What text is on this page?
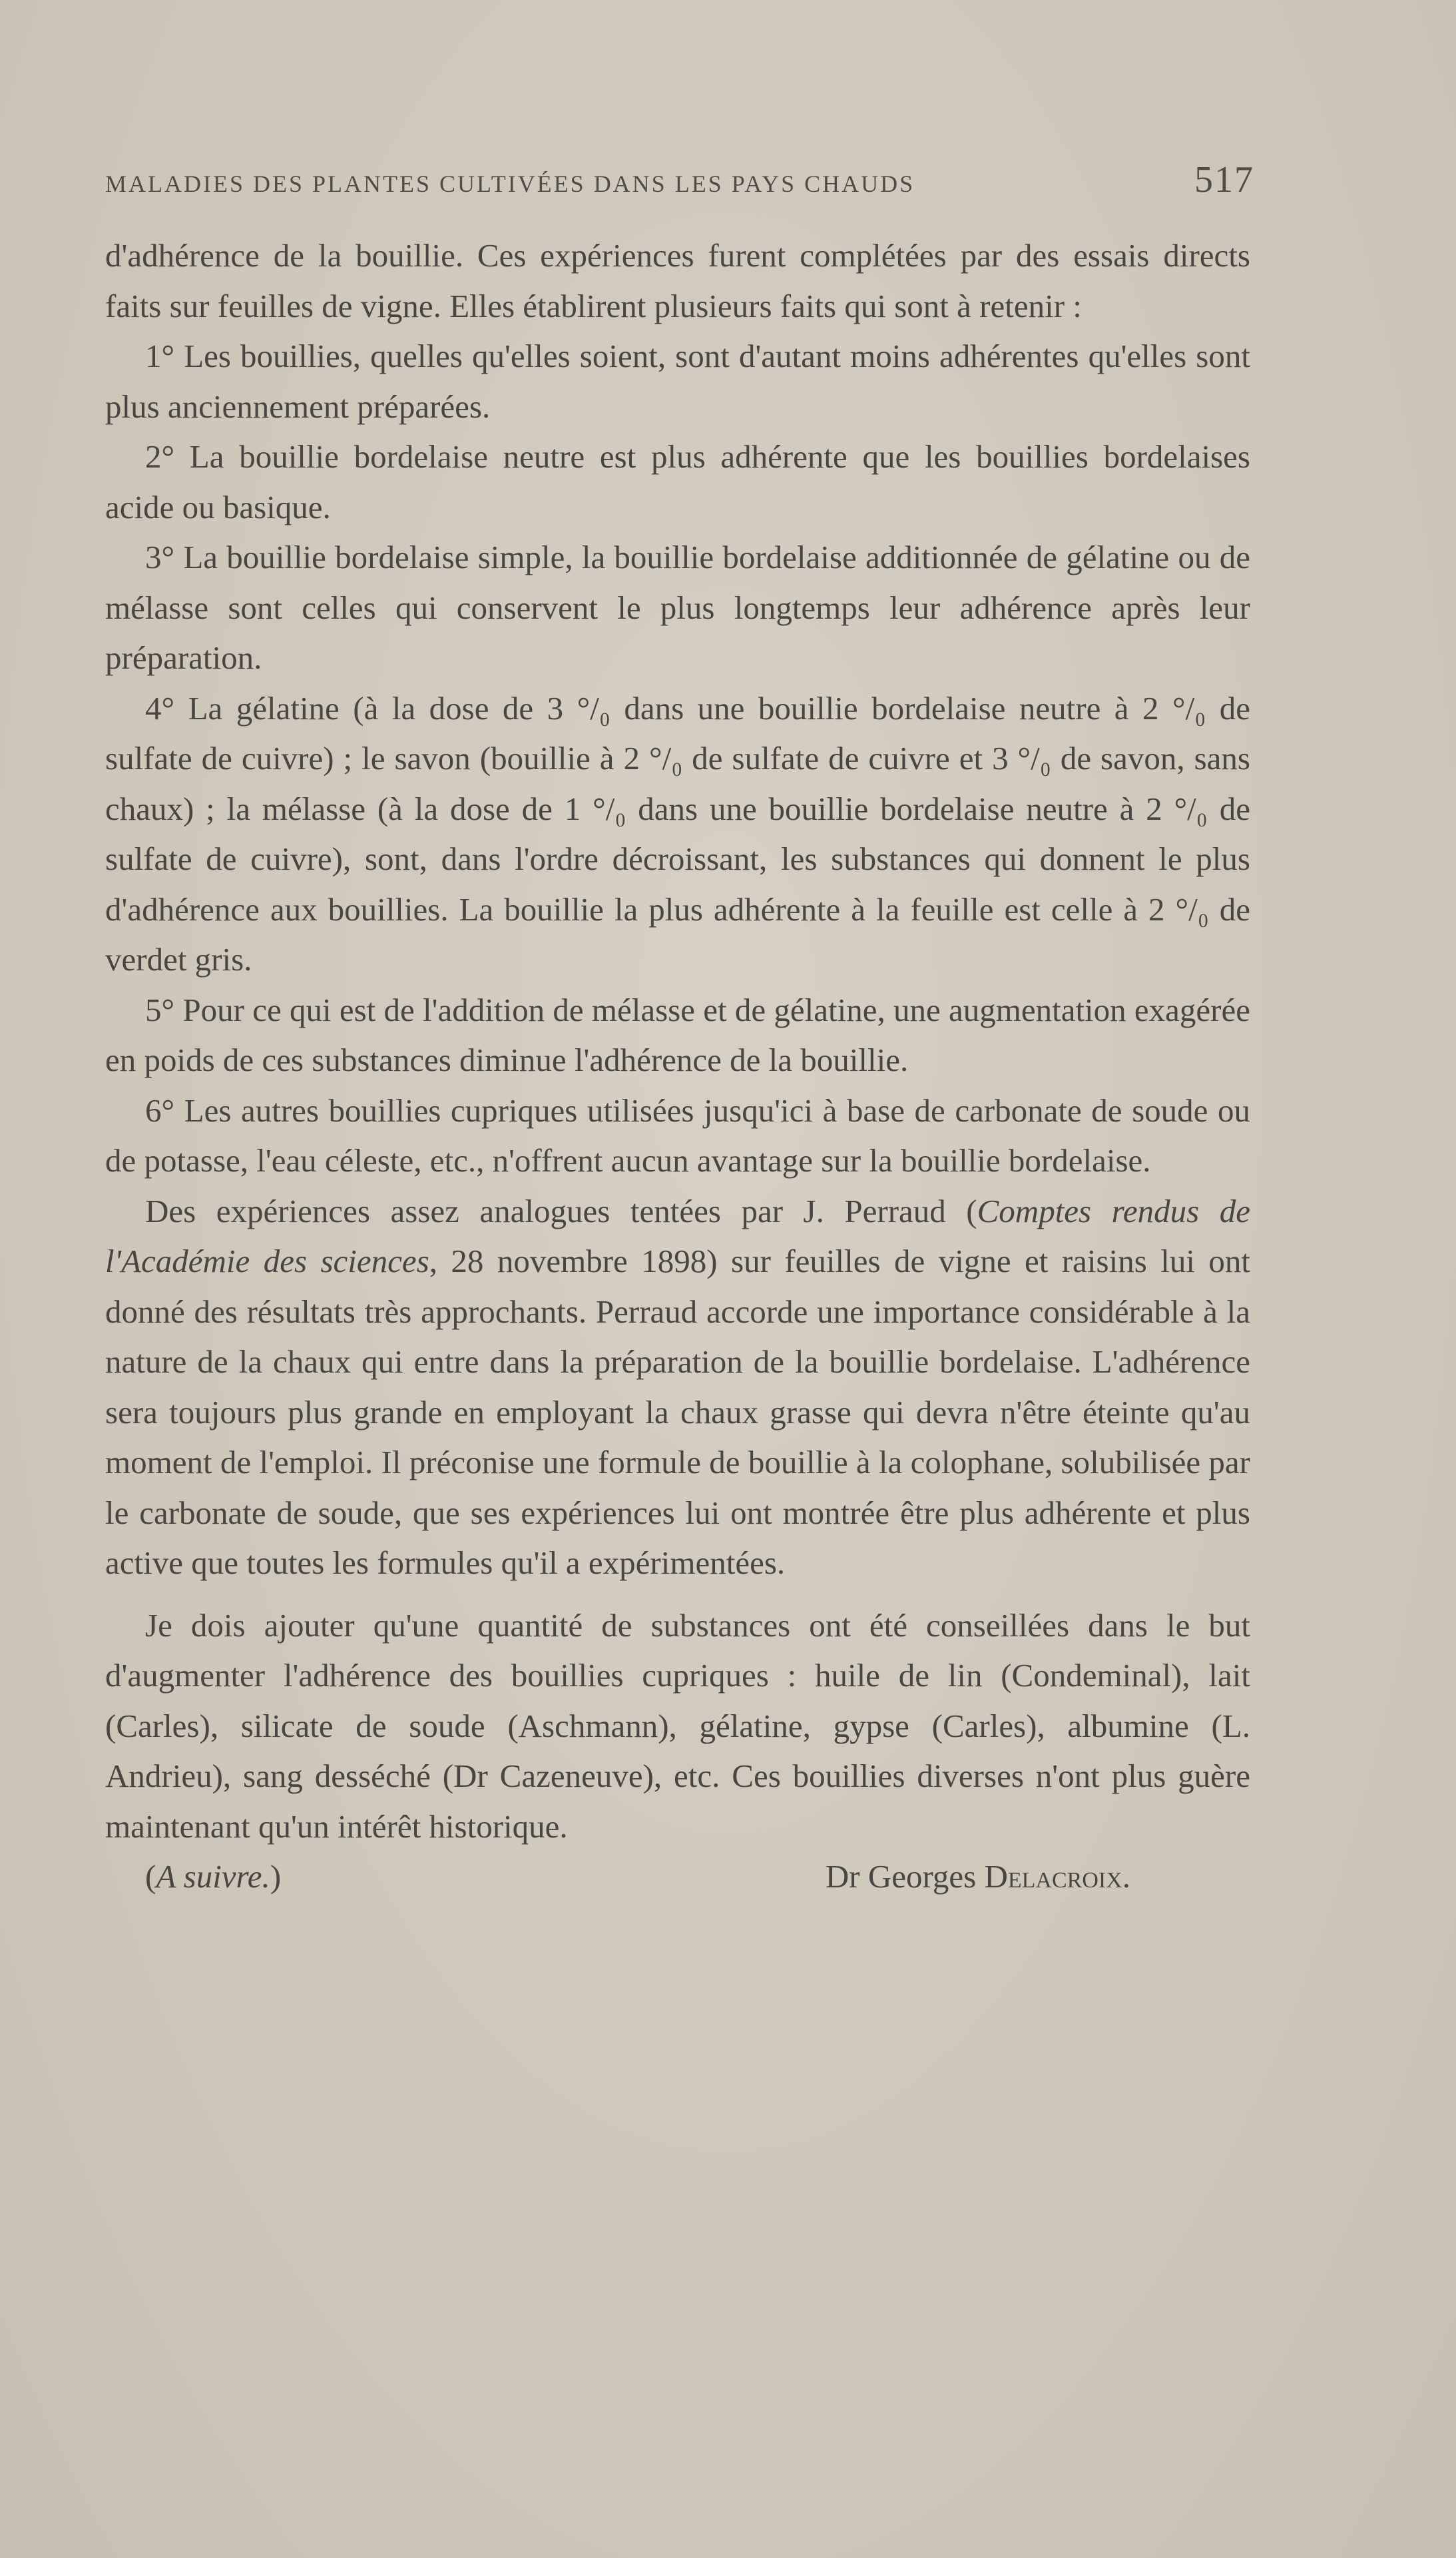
MALADIES DES PLANTES CULTIVÉES DANS LES PAYS CHAUDS	517

d'adhérence de la bouillie. Ces expériences furent complétées par des essais directs faits sur feuilles de vigne. Elles établirent plusieurs faits qui sont à retenir :

1° Les bouillies, quelles qu'elles soient, sont d'autant moins adhérentes qu'elles sont plus anciennement préparées.

2° La bouillie bordelaise neutre est plus adhérente que les bouillies bordelaises acide ou basique.

3° La bouillie bordelaise simple, la bouillie bordelaise additionnée de gélatine ou de mélasse sont celles qui conservent le plus longtemps leur adhérence après leur préparation.

4° La gélatine (à la dose de 3 °/₀ dans une bouillie bordelaise neutre à 2 °/₀ de sulfate de cuivre) ; le savon (bouillie à 2 °/₀ de sulfate de cuivre et 3 °/₀ de savon, sans chaux) ; la mélasse (à la dose de 1 °/₀ dans une bouillie bordelaise neutre à 2 °/₀ de sulfate de cuivre), sont, dans l'ordre décroissant, les substances qui donnent le plus d'adhérence aux bouillies. La bouillie la plus adhérente à la feuille est celle à 2 °/₀ de verdet gris.

5° Pour ce qui est de l'addition de mélasse et de gélatine, une augmentation exagérée en poids de ces substances diminue l'adhérence de la bouillie.

6° Les autres bouillies cupriques utilisées jusqu'ici à base de carbonate de soude ou de potasse, l'eau céleste, etc., n'offrent aucun avantage sur la bouillie bordelaise.

Des expériences assez analogues tentées par J. Perraud (Comptes rendus de l'Académie des sciences, 28 novembre 1898) sur feuilles de vigne et raisins lui ont donné des résultats très approchants. Perraud accorde une importance considérable à la nature de la chaux qui entre dans la préparation de la bouillie bordelaise. L'adhérence sera toujours plus grande en employant la chaux grasse qui devra n'être éteinte qu'au moment de l'emploi. Il préconise une formule de bouillie à la colophane, solubilisée par le carbonate de soude, que ses expériences lui ont montrée être plus adhérente et plus active que toutes les formules qu'il a expérimentées.

Je dois ajouter qu'une quantité de substances ont été conseillées dans le but d'augmenter l'adhérence des bouillies cupriques : huile de lin (Condeminal), lait (Carles), silicate de soude (Aschmann), gélatine, gypse (Carles), albumine (L. Andrieu), sang desséché (Dr Cazeneuve), etc. Ces bouillies diverses n'ont plus guère maintenant qu'un intérêt historique.

(A suivre.)	Dr Georges Delacroix.
